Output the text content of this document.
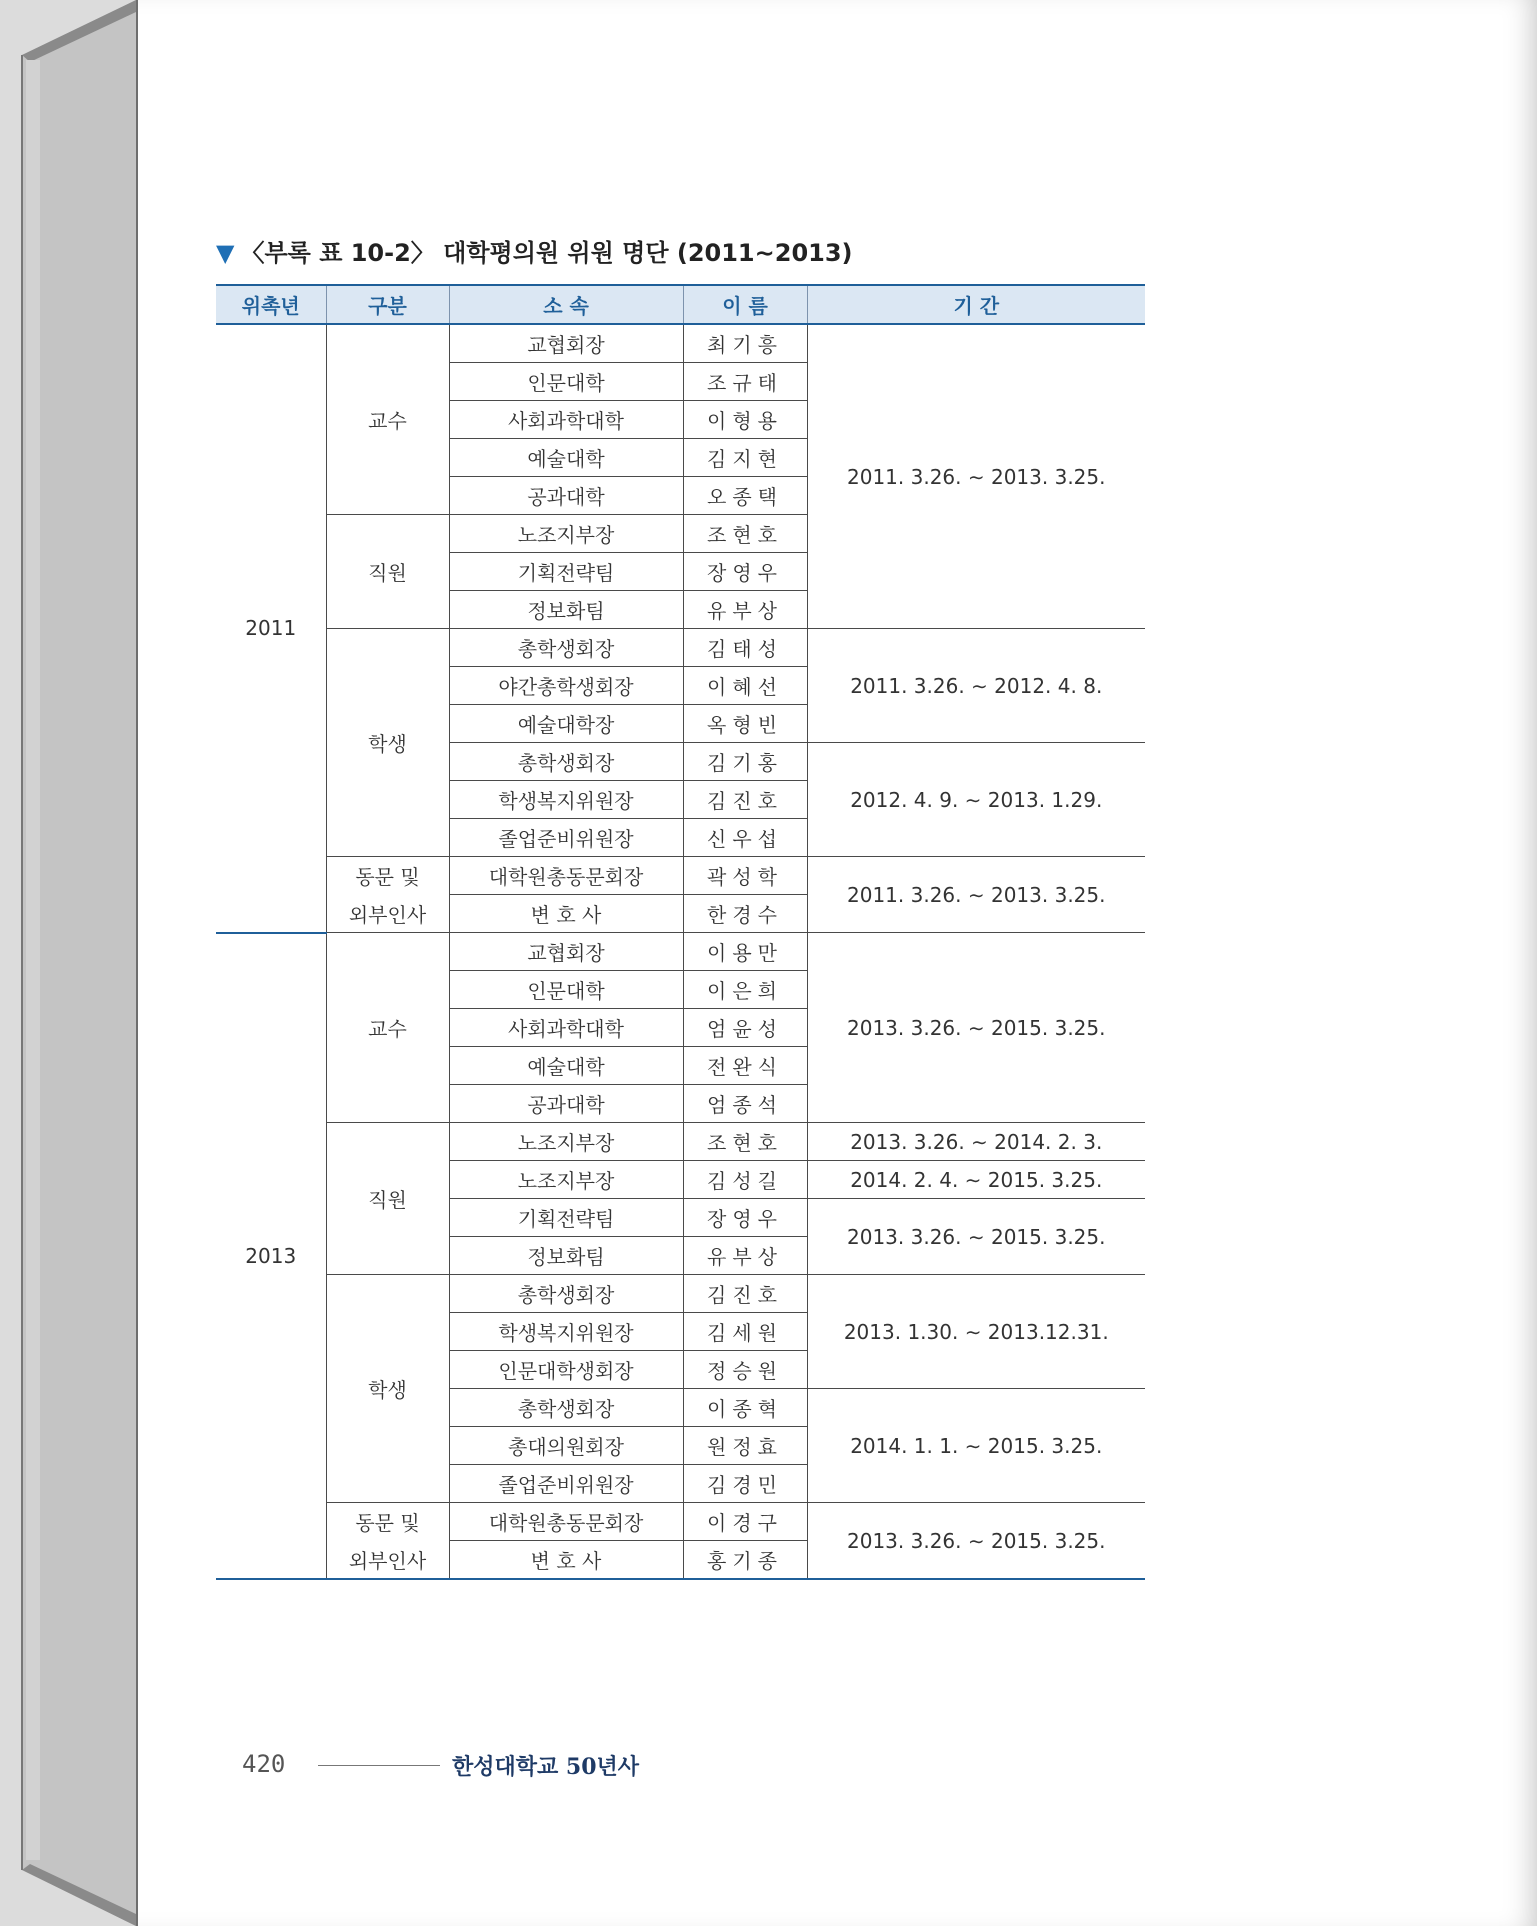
▼ 〈부록 표 10-2〉 대학평의원 위원 명단 (2011∼2013)
위촉년	구분	소 속	이 름	기 간
2011	교수	교협회장	최기흥	2011. 3.26. ∼ 2013. 3.25.
		인문대학	조규태	
		사회과학대학	이형용	
		예술대학	김지현	
		공과대학	오종택	
	직원	노조지부장	조현호	
		기획전략팀	장영우	
		정보화팀	유부상	
	학생	총학생회장	김태성	2011. 3.26. ∼ 2012. 4. 8.
		야간총학생회장	이혜선	
		예술대학장	옥형빈	
		총학생회장	김기홍	2012. 4. 9. ∼ 2013. 1.29.
		학생복지위원장	김진호	
		졸업준비위원장	신우섭	
	동문 및	대학원총동문회장	곽성학	2011. 3.26. ∼ 2013. 3.25.
	외부인사	변 호 사	한경수	
2013	교수	교협회장	이용만	2013. 3.26. ∼ 2015. 3.25.
		인문대학	이은희	
		사회과학대학	엄윤성	
		예술대학	전완식	
		공과대학	엄종석	
	직원	노조지부장	조현호	2013. 3.26. ∼ 2014. 2. 3.
		노조지부장	김성길	2014. 2. 4. ∼ 2015. 3.25.
		기획전략팀	장영우	2013. 3.26. ∼ 2015. 3.25.
		정보화팀	유부상	
	학생	총학생회장	김진호	2013. 1.30. ∼ 2013.12.31.
		학생복지위원장	김세원	
		인문대학생회장	정승원	
		총학생회장	이종혁	2014. 1. 1. ∼ 2015. 3.25.
		총대의원회장	원정효	
		졸업준비위원장	김경민	
	동문 및	대학원총동문회장	이경구	2013. 3.26. ∼ 2015. 3.25.
	외부인사	변 호 사	홍기종	
420	한성대학교 50년사
